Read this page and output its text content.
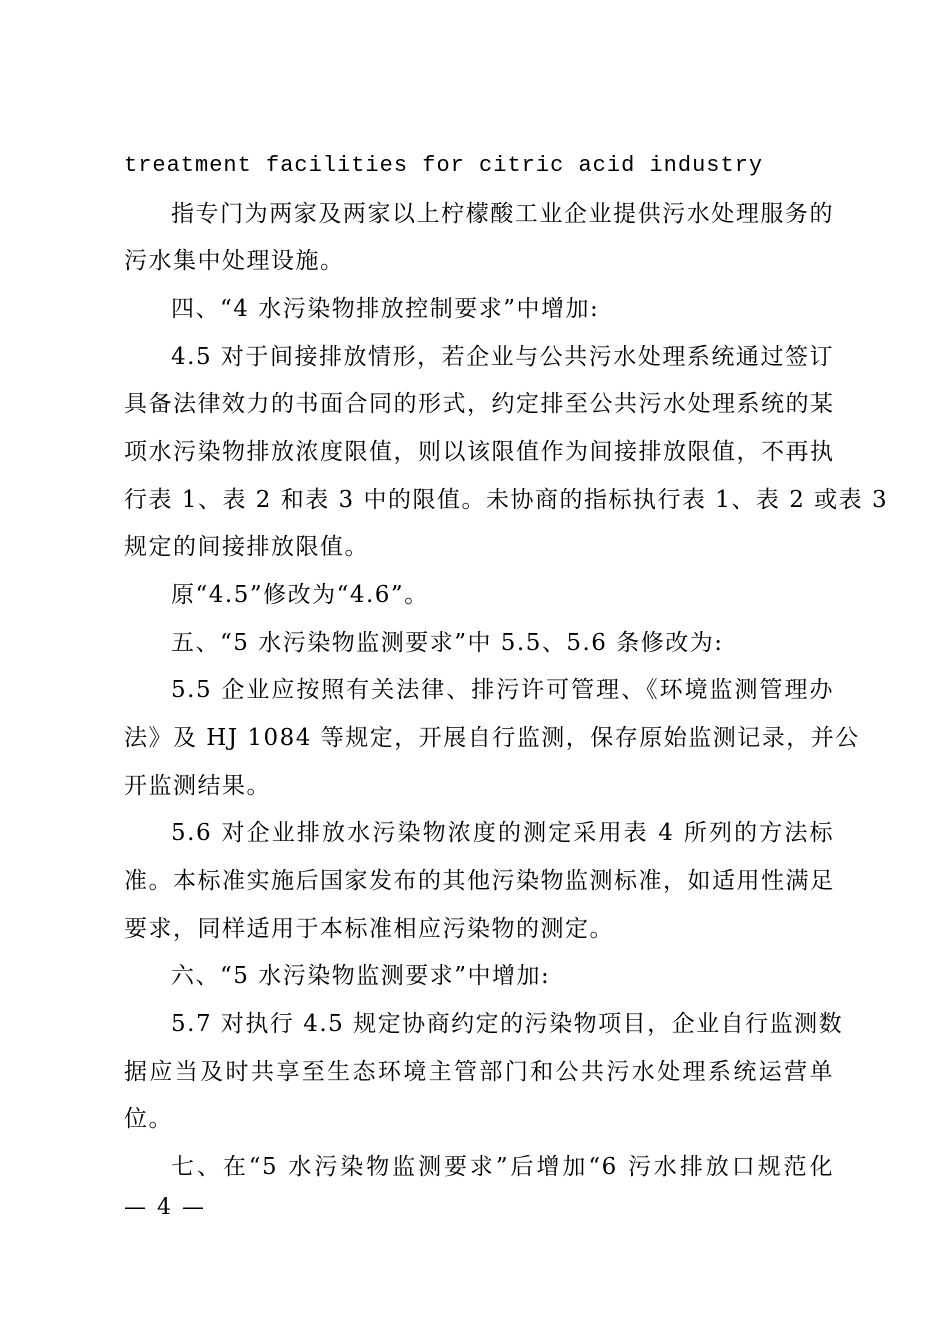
treatment facilities for citric acid industry
指专门为两家及两家以上柠檬酸工业企业提供污水处理服务的
污水集中处理设施。
四、“4 水污染物排放控制要求”中增加:
4.5 对于间接排放情形，若企业与公共污水处理系统通过签订
具备法律效力的书面合同的形式，约定排至公共污水处理系统的某
项水污染物排放浓度限值，则以该限值作为间接排放限值，不再执
行表 1、表 2 和表 3 中的限值。未协商的指标执行表 1、表 2 或表 3
规定的间接排放限值。
原“4.5”修改为“4.6”。
五、“5 水污染物监测要求”中 5.5、5.6 条修改为:
5.5 企业应按照有关法律、排污许可管理、《环境监测管理办
法》及 HJ 1084 等规定，开展自行监测，保存原始监测记录，并公
开监测结果。
5.6 对企业排放水污染物浓度的测定采用表 4 所列的方法标
准。本标准实施后国家发布的其他污染物监测标准，如适用性满足
要求，同样适用于本标准相应污染物的测定。
六、“5 水污染物监测要求”中增加:
5.7 对执行 4.5 规定协商约定的污染物项目，企业自行监测数
据应当及时共享至生态环境主管部门和公共污水处理系统运营单
位。
七、在“5 水污染物监测要求”后增加“6 污水排放口规范化
— 4 —
